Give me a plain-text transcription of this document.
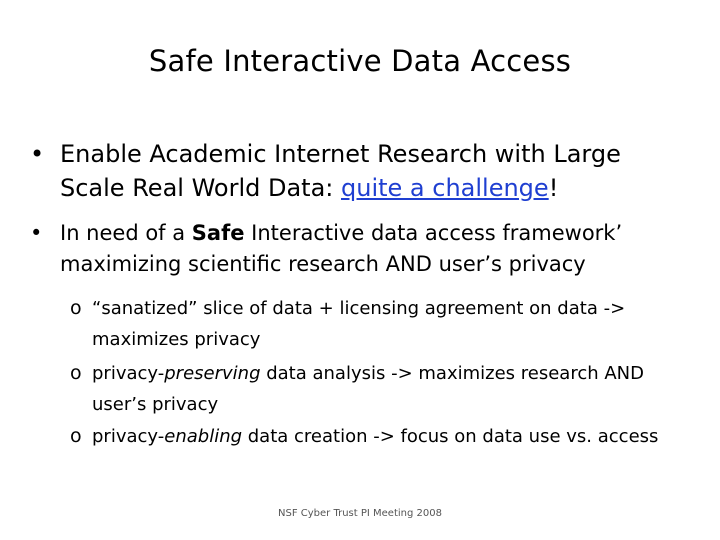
Safe Interactive Data Access
• Enable Academic Internet Research with Large Scale Real World Data: quite a challenge!
• In need of a Safe Interactive data access framework’ maximizing scientific research AND user’s privacy
o “sanatized” slice of data + licensing agreement on data -> maximizes privacy
o privacy-preserving data analysis -> maximizes research AND user’s privacy
o privacy-enabling data creation -> focus on data use vs. access
NSF Cyber Trust PI Meeting 2008
